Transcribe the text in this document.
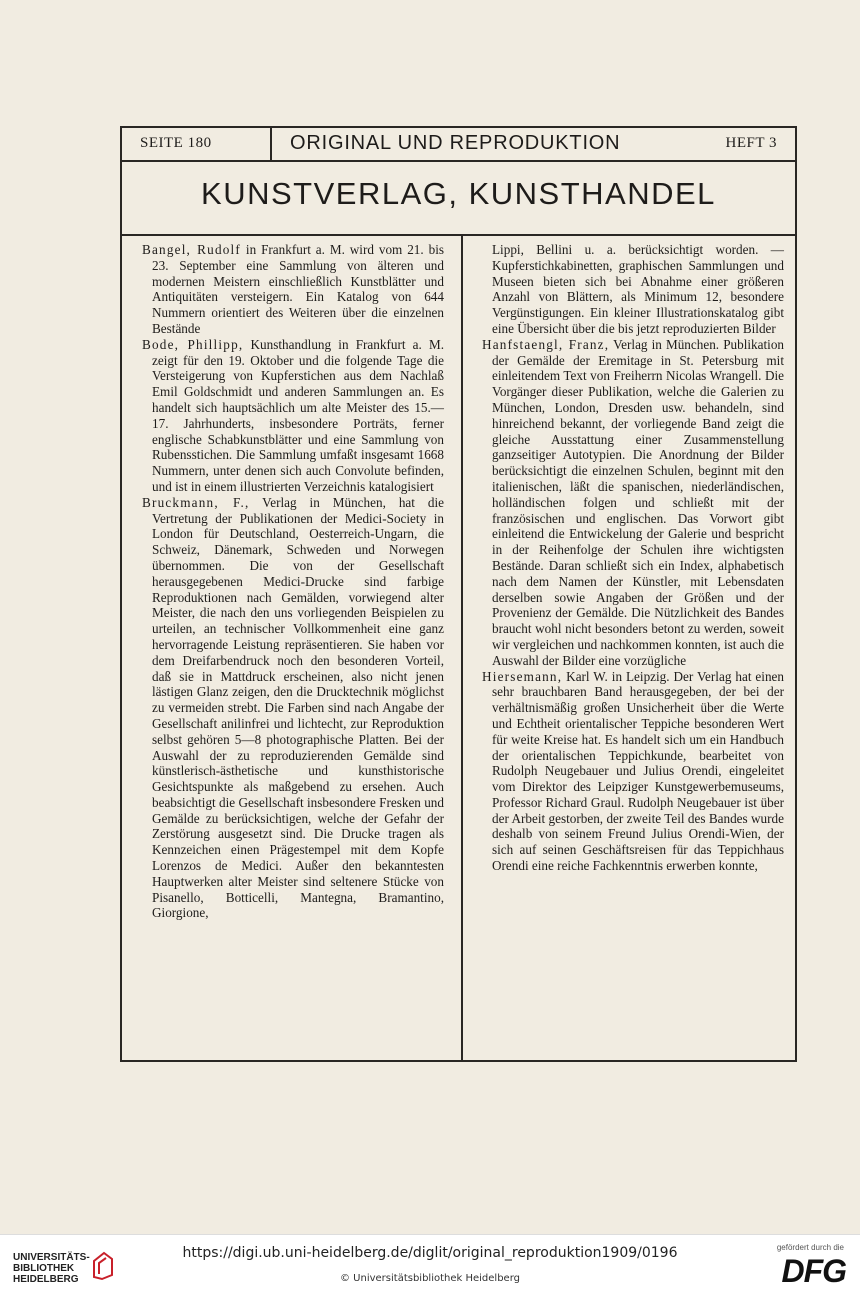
SEITE 180	ORIGINAL UND REPRODUKTION	HEFT 3
KUNSTVERLAG, KUNSTHANDEL

Bangel, Rudolf in Frankfurt a. M. wird vom 21. bis 23. September eine Sammlung von älteren und modernen Meistern einschließlich Kunstblätter und Antiquitäten versteigern. Ein Katalog von 644 Nummern orientiert des Weiteren über die einzelnen Bestände

Bode, Phillipp, Kunsthandlung in Frankfurt a. M. zeigt für den 19. Oktober und die folgende Tage die Versteigerung von Kupferstichen aus dem Nachlaß Emil Goldschmidt und anderen Sammlungen an. Es handelt sich hauptsächlich um alte Meister des 15.—17. Jahrhunderts, insbesondere Porträts, ferner englische Schabkunstblätter und eine Sammlung von Rubensstichen. Die Sammlung umfaßt insgesamt 1668 Nummern, unter denen sich auch Convolute befinden, und ist in einem illustrierten Verzeichnis katalogisiert

Bruckmann, F., Verlag in München, hat die Vertretung der Publikationen der Medici-Society in London für Deutschland, Oesterreich-Ungarn, die Schweiz, Dänemark, Schweden und Norwegen übernommen. Die von der Gesellschaft herausgegebenen Medici-Drucke sind farbige Reproduktionen nach Gemälden, vorwiegend alter Meister, die nach den uns vorliegenden Beispielen zu urteilen, an technischer Vollkommenheit eine ganz hervorragende Leistung repräsentieren. Sie haben vor dem Dreifarbendruck noch den besonderen Vorteil, daß sie in Mattdruck erscheinen, also nicht jenen lästigen Glanz zeigen, den die Drucktechnik möglichst zu vermeiden strebt. Die Farben sind nach Angabe der Gesellschaft anilinfrei und lichtecht, zur Reproduktion selbst gehören 5—8 photographische Platten. Bei der Auswahl der zu reproduzierenden Gemälde sind künstlerisch-ästhetische und kunsthistorische Gesichtspunkte als maßgebend zu ersehen. Auch beabsichtigt die Gesellschaft insbesondere Fresken und Gemälde zu berücksichtigen, welche der Gefahr der Zerstörung ausgesetzt sind. Die Drucke tragen als Kennzeichen einen Prägestempel mit dem Kopfe Lorenzos de Medici. Außer den bekanntesten Hauptwerken alter Meister sind seltenere Stücke von Pisanello, Botticelli, Mantegna, Bramantino, Giorgione,

Lippi, Bellini u. a. berücksichtigt worden. — Kupferstichkabinetten, graphischen Sammlungen und Museen bieten sich bei Abnahme einer größeren Anzahl von Blättern, als Minimum 12, besondere Vergünstigungen. Ein kleiner Illustrationskatalog gibt eine Übersicht über die bis jetzt reproduzierten Bilder

Hanfstaengl, Franz, Verlag in München. Publikation der Gemälde der Eremitage in St. Petersburg mit einleitendem Text von Freiherrn Nicolas Wrangell. Die Vorgänger dieser Publikation, welche die Galerien zu München, London, Dresden usw. behandeln, sind hinreichend bekannt, der vorliegende Band zeigt die gleiche Ausstattung einer Zusammenstellung ganzseitiger Autotypien. Die Anordnung der Bilder berücksichtigt die einzelnen Schulen, beginnt mit den italienischen, läßt die spanischen, niederländischen, holländischen folgen und schließt mit der französischen und englischen. Das Vorwort gibt einleitend die Entwickelung der Galerie und bespricht in der Reihenfolge der Schulen ihre wichtigsten Bestände. Daran schließt sich ein Index, alphabetisch nach dem Namen der Künstler, mit Lebensdaten derselben sowie Angaben der Größen und der Provenienz der Gemälde. Die Nützlichkeit des Bandes braucht wohl nicht besonders betont zu werden, soweit wir vergleichen und nachkommen konnten, ist auch die Auswahl der Bilder eine vorzügliche

Hiersemann, Karl W. in Leipzig. Der Verlag hat einen sehr brauchbaren Band herausgegeben, der bei der verhältnismäßig großen Unsicherheit über die Werte und Echtheit orientalischer Teppiche besonderen Wert für weite Kreise hat. Es handelt sich um ein Handbuch der orientalischen Teppichkunde, bearbeitet von Rudolph Neugebauer und Julius Orendi, eingeleitet vom Direktor des Leipziger Kunstgewerbemuseums, Professor Richard Graul. Rudolph Neugebauer ist über der Arbeit gestorben, der zweite Teil des Bandes wurde deshalb von seinem Freund Julius Orendi-Wien, der sich auf seinen Geschäftsreisen für das Teppichhaus Orendi eine reiche Fachkenntnis erwerben konnte,

UNIVERSITÄTS-
BIBLIOTHEK
HEIDELBERG
https://digi.ub.uni-heidelberg.de/diglit/original_reproduktion1909/0196
© Universitätsbibliothek Heidelberg
gefördert durch die
DFG
